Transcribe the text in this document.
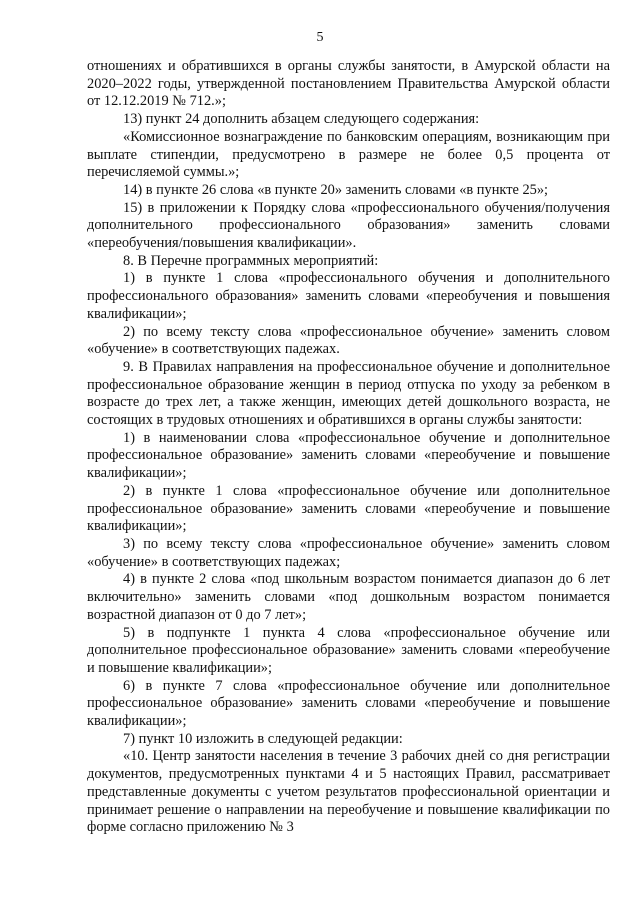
5

отношениях и обратившихся в органы службы занятости, в Амурской области на 2020–2022 годы, утвержденной постановлением Правительства Амурской области от 12.12.2019 № 712.»;

13) пункт 24 дополнить абзацем следующего содержания:

«Комиссионное вознаграждение по банковским операциям, возникающим при выплате стипендии, предусмотрено в размере не более 0,5 процента от перечисляемой суммы.»;

14) в пункте 26 слова «в пункте 20» заменить словами «в пункте 25»;

15) в приложении к Порядку слова «профессионального обучения/получения дополнительного профессионального образования» заменить словами «переобучения/повышения квалификации».

8. В Перечне программных мероприятий:

1) в пункте 1 слова «профессионального обучения и дополнительного профессионального образования» заменить словами «переобучения и повышения квалификации»;

2) по всему тексту слова «профессиональное обучение» заменить словом «обучение» в соответствующих падежах.

9. В Правилах направления на профессиональное обучение и дополнительное профессиональное образование женщин в период отпуска по уходу за ребенком в возрасте до трех лет, а также женщин, имеющих детей дошкольного возраста, не состоящих в трудовых отношениях и обратившихся в органы службы занятости:

1) в наименовании слова «профессиональное обучение и дополнительное профессиональное образование» заменить словами «переобучение и повышение квалификации»;

2) в пункте 1 слова «профессиональное обучение или дополнительное профессиональное образование» заменить словами «переобучение и повышение квалификации»;

3) по всему тексту слова «профессиональное обучение» заменить словом «обучение» в соответствующих падежах;

4) в пункте 2 слова «под школьным возрастом понимается диапазон до 6 лет включительно» заменить словами «под дошкольным возрастом понимается возрастной диапазон от 0 до 7 лет»;

5) в подпункте 1 пункта 4 слова «профессиональное обучение или дополнительное профессиональное образование» заменить словами «переобучение и повышение квалификации»;

6) в пункте 7 слова «профессиональное обучение или дополнительное профессиональное образование» заменить словами «переобучение и повышение квалификации»;

7) пункт 10 изложить в следующей редакции:

«10. Центр занятости населения в течение 3 рабочих дней со дня регистрации документов, предусмотренных пунктами 4 и 5 настоящих Правил, рассматривает представленные документы с учетом результатов профессиональной ориентации и принимает решение о направлении на переобучение и повышение квалификации по форме согласно приложению № 3
